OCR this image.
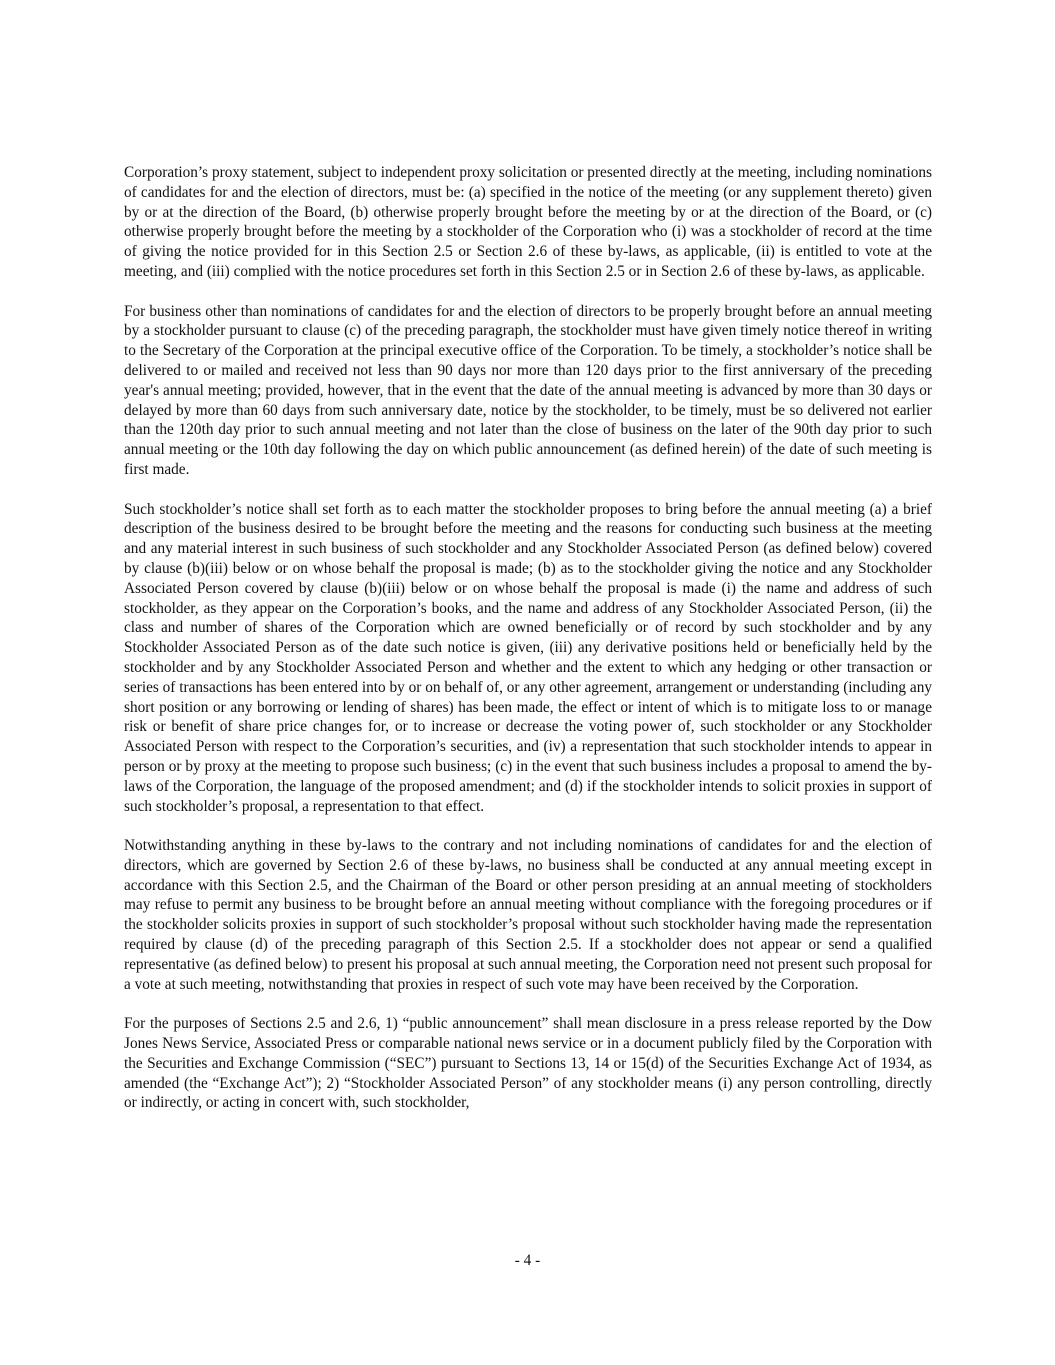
Corporation’s proxy statement, subject to independent proxy solicitation or presented directly at the meeting, including nominations of candidates for and the election of directors, must be: (a) specified in the notice of the meeting (or any supplement thereto) given by or at the direction of the Board, (b) otherwise properly brought before the meeting by or at the direction of the Board, or (c) otherwise properly brought before the meeting by a stockholder of the Corporation who (i) was a stockholder of record at the time of giving the notice provided for in this Section 2.5 or Section 2.6 of these by-laws, as applicable, (ii) is entitled to vote at the meeting, and (iii) complied with the notice procedures set forth in this Section 2.5 or in Section 2.6 of these by-laws, as applicable.

For business other than nominations of candidates for and the election of directors to be properly brought before an annual meeting by a stockholder pursuant to clause (c) of the preceding paragraph, the stockholder must have given timely notice thereof in writing to the Secretary of the Corporation at the principal executive office of the Corporation. To be timely, a stockholder’s notice shall be delivered to or mailed and received not less than 90 days nor more than 120 days prior to the first anniversary of the preceding year's annual meeting; provided, however, that in the event that the date of the annual meeting is advanced by more than 30 days or delayed by more than 60 days from such anniversary date, notice by the stockholder, to be timely, must be so delivered not earlier than the 120th day prior to such annual meeting and not later than the close of business on the later of the 90th day prior to such annual meeting or the 10th day following the day on which public announcement (as defined herein) of the date of such meeting is first made.

Such stockholder’s notice shall set forth as to each matter the stockholder proposes to bring before the annual meeting (a) a brief description of the business desired to be brought before the meeting and the reasons for conducting such business at the meeting and any material interest in such business of such stockholder and any Stockholder Associated Person (as defined below) covered by clause (b)(iii) below or on whose behalf the proposal is made; (b) as to the stockholder giving the notice and any Stockholder Associated Person covered by clause (b)(iii) below or on whose behalf the proposal is made (i) the name and address of such stockholder, as they appear on the Corporation’s books, and the name and address of any Stockholder Associated Person, (ii) the class and number of shares of the Corporation which are owned beneficially or of record by such stockholder and by any Stockholder Associated Person as of the date such notice is given, (iii) any derivative positions held or beneficially held by the stockholder and by any Stockholder Associated Person and whether and the extent to which any hedging or other transaction or series of transactions has been entered into by or on behalf of, or any other agreement, arrangement or understanding (including any short position or any borrowing or lending of shares) has been made, the effect or intent of which is to mitigate loss to or manage risk or benefit of share price changes for, or to increase or decrease the voting power of, such stockholder or any Stockholder Associated Person with respect to the Corporation’s securities, and (iv) a representation that such stockholder intends to appear in person or by proxy at the meeting to propose such business; (c) in the event that such business includes a proposal to amend the by-laws of the Corporation, the language of the proposed amendment; and (d) if the stockholder intends to solicit proxies in support of such stockholder’s proposal, a representation to that effect.

Notwithstanding anything in these by-laws to the contrary and not including nominations of candidates for and the election of directors, which are governed by Section 2.6 of these by-laws, no business shall be conducted at any annual meeting except in accordance with this Section 2.5, and the Chairman of the Board or other person presiding at an annual meeting of stockholders may refuse to permit any business to be brought before an annual meeting without compliance with the foregoing procedures or if the stockholder solicits proxies in support of such stockholder’s proposal without such stockholder having made the representation required by clause (d) of the preceding paragraph of this Section 2.5. If a stockholder does not appear or send a qualified representative (as defined below) to present his proposal at such annual meeting, the Corporation need not present such proposal for a vote at such meeting, notwithstanding that proxies in respect of such vote may have been received by the Corporation.

For the purposes of Sections 2.5 and 2.6, 1) “public announcement” shall mean disclosure in a press release reported by the Dow Jones News Service, Associated Press or comparable national news service or in a document publicly filed by the Corporation with the Securities and Exchange Commission (“SEC”) pursuant to Sections 13, 14 or 15(d) of the Securities Exchange Act of 1934, as amended (the “Exchange Act”); 2) “Stockholder Associated Person” of any stockholder means (i) any person controlling, directly or indirectly, or acting in concert with, such stockholder,

- 4 -
